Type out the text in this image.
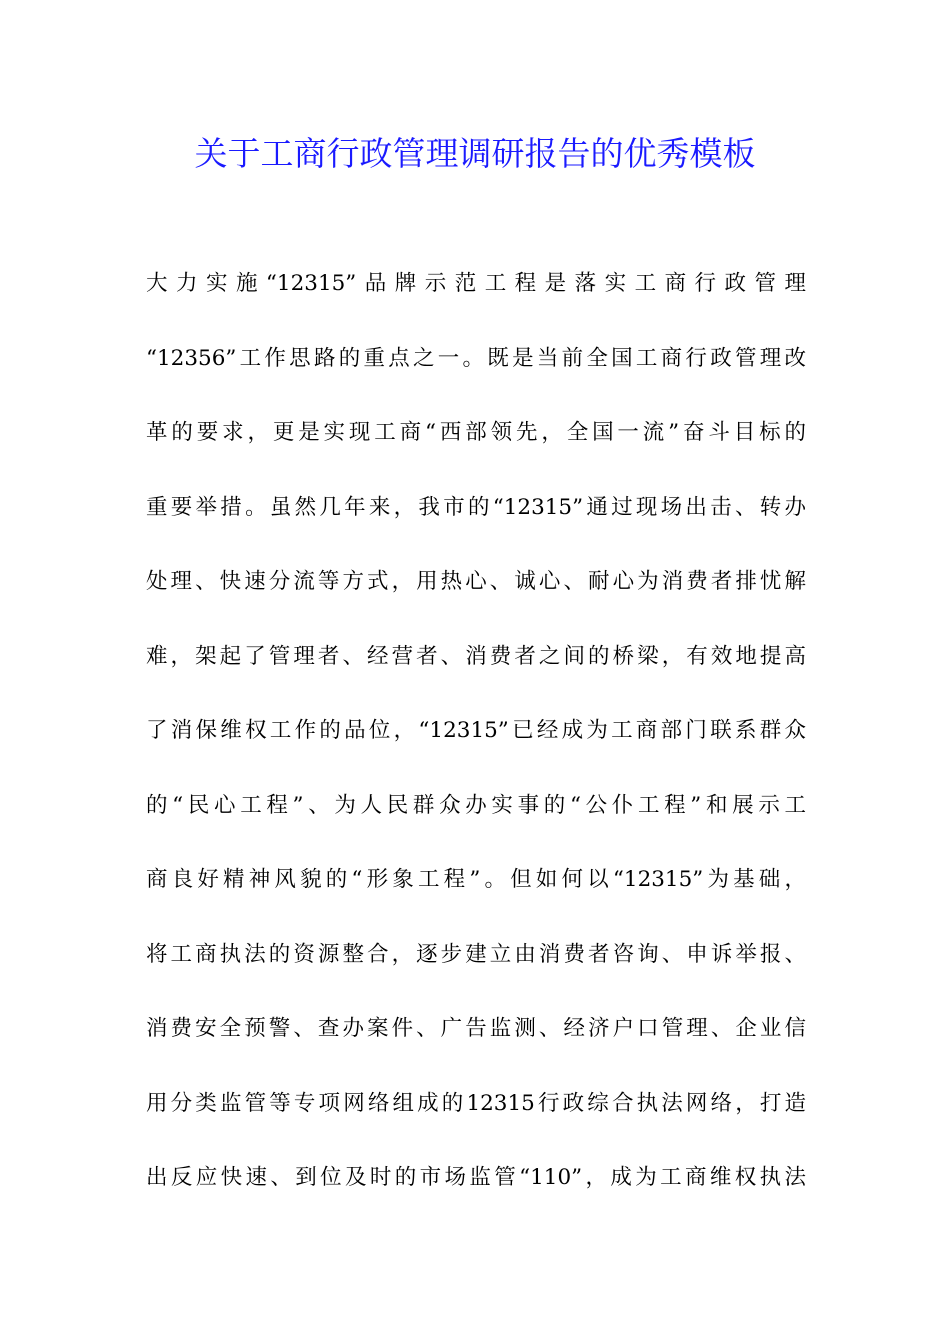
关于工商行政管理调研报告的优秀模板
大力实施“12315”品牌示范工程是落实工商行政管理
“12356”工作思路的重点之一。既是当前全国工商行政管理改
革的要求，更是实现工商“西部领先，全国一流”奋斗目标的
重要举措。虽然几年来，我市的“12315”通过现场出击、转办
处理、快速分流等方式，用热心、诚心、耐心为消费者排忧解
难，架起了管理者、经营者、消费者之间的桥梁，有效地提高
了消保维权工作的品位，“12315”已经成为工商部门联系群众
的“民心工程”、为人民群众办实事的“公仆工程”和展示工
商良好精神风貌的“形象工程”。但如何以“12315”为基础，
将工商执法的资源整合，逐步建立由消费者咨询、申诉举报、
消费安全预警、查办案件、广告监测、经济户口管理、企业信
用分类监管等专项网络组成的12315行政综合执法网络，打造
出反应快速、到位及时的市场监管“110”，成为工商维权执法
